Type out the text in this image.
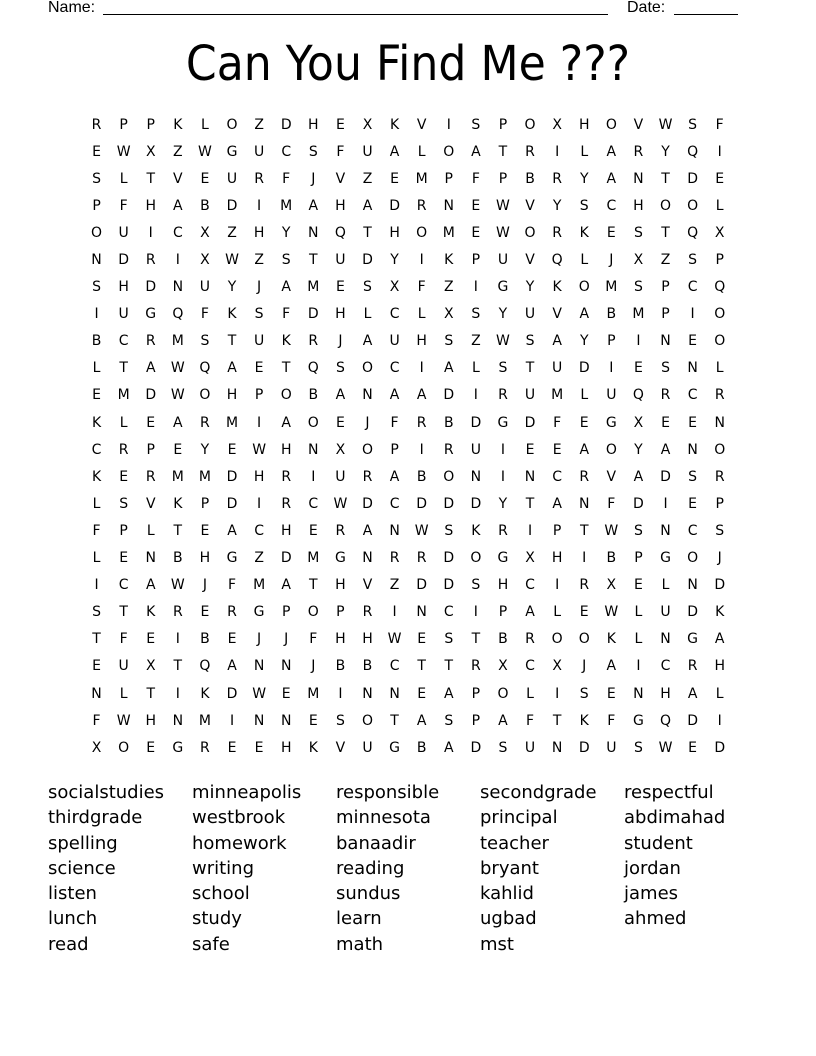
Name:	Date:
Can You Find Me ???
R	P	P	K	L	O	Z	D	H	E	X	K	V	I	S	P	O	X	H	O	V	W	S	F
E	W	X	Z	W	G	U	C	S	F	U	A	L	O	A	T	R	I	L	A	R	Y	Q	I
S	L	T	V	E	U	R	F	J	V	Z	E	M	P	F	P	B	R	Y	A	N	T	D	E
P	F	H	A	B	D	I	M	A	H	A	D	R	N	E	W	V	Y	S	C	H	O	O	L
O	U	I	C	X	Z	H	Y	N	Q	T	H	O	M	E	W	O	R	K	E	S	T	Q	X
N	D	R	I	X	W	Z	S	T	U	D	Y	I	K	P	U	V	Q	L	J	X	Z	S	P
S	H	D	N	U	Y	J	A	M	E	S	X	F	Z	I	G	Y	K	O	M	S	P	C	Q
I	U	G	Q	F	K	S	F	D	H	L	C	L	X	S	Y	U	V	A	B	M	P	I	O
B	C	R	M	S	T	U	K	R	J	A	U	H	S	Z	W	S	A	Y	P	I	N	E	O
L	T	A	W	Q	A	E	T	Q	S	O	C	I	A	L	S	T	U	D	I	E	S	N	L
E	M	D	W	O	H	P	O	B	A	N	A	A	D	I	R	U	M	L	U	Q	R	C	R
K	L	E	A	R	M	I	A	O	E	J	F	R	B	D	G	D	F	E	G	X	E	E	N
C	R	P	E	Y	E	W	H	N	X	O	P	I	R	U	I	E	E	A	O	Y	A	N	O
K	E	R	M	M	D	H	R	I	U	R	A	B	O	N	I	N	C	R	V	A	D	S	R
L	S	V	K	P	D	I	R	C	W	D	C	D	D	D	Y	T	A	N	F	D	I	E	P
F	P	L	T	E	A	C	H	E	R	A	N	W	S	K	R	I	P	T	W	S	N	C	S
L	E	N	B	H	G	Z	D	M	G	N	R	R	D	O	G	X	H	I	B	P	G	O	J
I	C	A	W	J	F	M	A	T	H	V	Z	D	D	S	H	C	I	R	X	E	L	N	D
S	T	K	R	E	R	G	P	O	P	R	I	N	C	I	P	A	L	E	W	L	U	D	K
T	F	E	I	B	E	J	J	F	H	H	W	E	S	T	B	R	O	O	K	L	N	G	A
E	U	X	T	Q	A	N	N	J	B	B	C	T	T	R	X	C	X	J	A	I	C	R	H
N	L	T	I	K	D	W	E	M	I	N	N	E	A	P	O	L	I	S	E	N	H	A	L
F	W	H	N	M	I	N	N	E	S	O	T	A	S	P	A	F	T	K	F	G	Q	D	I
X	O	E	G	R	E	E	H	K	V	U	G	B	A	D	S	U	N	D	U	S	W	E	D
socialstudies
thirdgrade
spelling
science
listen
lunch
read
minneapolis
westbrook
homework
writing
school
study
safe
responsible
minnesota
banaadir
reading
sundus
learn
math
secondgrade
principal
teacher
bryant
kahlid
ugbad
mst
respectful
abdimahad
student
jordan
james
ahmed
